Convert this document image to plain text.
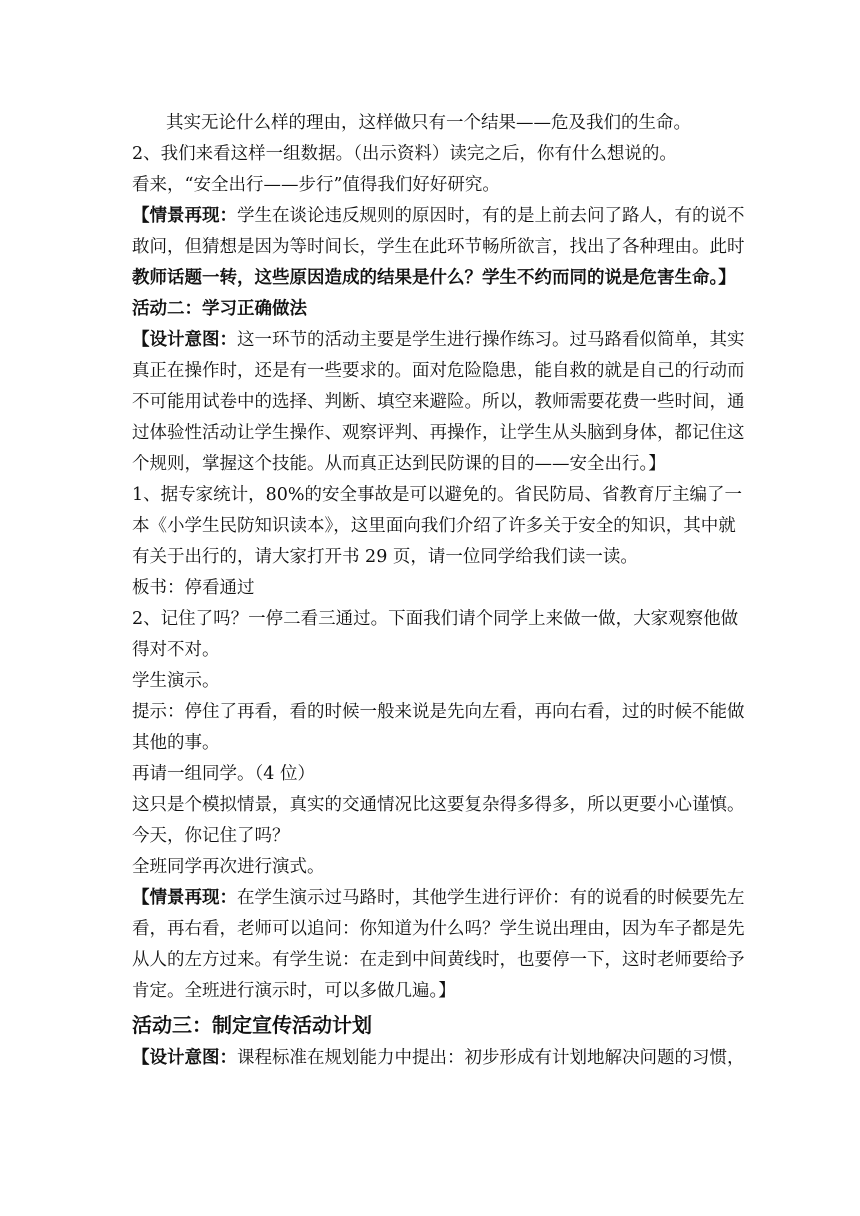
其实无论什么样的理由，这样做只有一个结果——危及我们的生命。

2、我们来看这样一组数据。（出示资料）读完之后，你有什么想说的。

看来，“安全出行——步行”值得我们好好研究。

【情景再现：学生在谈论违反规则的原因时，有的是上前去问了路人，有的说不

敢问，但猜想是因为等时间长，学生在此环节畅所欲言，找出了各种理由。此时

教师话题一转，这些原因造成的结果是什么？学生不约而同的说是危害生命。】

活动二：学习正确做法

【设计意图：这一环节的活动主要是学生进行操作练习。过马路看似简单，其实

真正在操作时，还是有一些要求的。面对危险隐患，能自救的就是自己的行动而

不可能用试卷中的选择、判断、填空来避险。所以，教师需要花费一些时间，通

过体验性活动让学生操作、观察评判、再操作，让学生从头脑到身体，都记住这

个规则，掌握这个技能。从而真正达到民防课的目的——安全出行。】

1、据专家统计，80%的安全事故是可以避免的。省民防局、省教育厅主编了一

本《小学生民防知识读本》，这里面向我们介绍了许多关于安全的知识，其中就

有关于出行的，请大家打开书 29 页，请一位同学给我们读一读。

板书：停看通过

2、记住了吗？一停二看三通过。下面我们请个同学上来做一做，大家观察他做

得对不对。

学生演示。

提示：停住了再看，看的时候一般来说是先向左看，再向右看，过的时候不能做

其他的事。

再请一组同学。（4 位）

这只是个模拟情景，真实的交通情况比这要复杂得多得多，所以更要小心谨慎。

今天，你记住了吗？

全班同学再次进行演式。

【情景再现：在学生演示过马路时，其他学生进行评价：有的说看的时候要先左

看，再右看，老师可以追问：你知道为什么吗？学生说出理由，因为车子都是先

从人的左方过来。有学生说：在走到中间黄线时，也要停一下，这时老师要给予

肯定。全班进行演示时，可以多做几遍。】

活动三：制定宣传活动计划

【设计意图：课程标准在规划能力中提出：初步形成有计划地解决问题的习惯，
